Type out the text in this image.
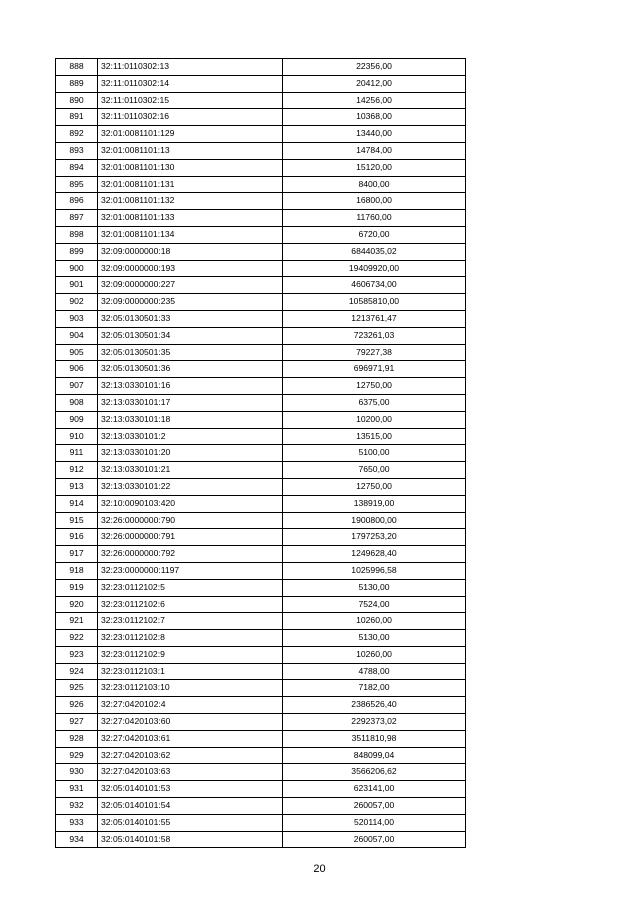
888	32:11:0110302:13	22356,00
889	32:11:0110302:14	20412,00
890	32:11:0110302:15	14256,00
891	32:11:0110302:16	10368,00
892	32:01:0081101:129	13440,00
893	32:01:0081101:13	14784,00
894	32:01:0081101:130	15120,00
895	32:01:0081101:131	8400,00
896	32:01:0081101:132	16800,00
897	32:01:0081101:133	11760,00
898	32:01:0081101:134	6720,00
899	32:09:0000000:18	6844035,02
900	32:09:0000000:193	19409920,00
901	32:09:0000000:227	4606734,00
902	32:09:0000000:235	10585810,00
903	32:05:0130501:33	1213761,47
904	32:05:0130501:34	723261,03
905	32:05:0130501:35	79227,38
906	32:05:0130501:36	696971,91
907	32:13:0330101:16	12750,00
908	32:13:0330101:17	6375,00
909	32:13:0330101:18	10200,00
910	32:13:0330101:2	13515,00
911	32:13:0330101:20	5100,00
912	32:13:0330101:21	7650,00
913	32:13:0330101:22	12750,00
914	32:10:0090103:420	138919,00
915	32:26:0000000:790	1900800,00
916	32:26:0000000:791	1797253,20
917	32:26:0000000:792	1249628,40
918	32:23:0000000:1197	1025996,58
919	32:23:0112102:5	5130,00
920	32:23:0112102:6	7524,00
921	32:23:0112102:7	10260,00
922	32:23:0112102:8	5130,00
923	32:23:0112102:9	10260,00
924	32:23:0112103:1	4788,00
925	32:23:0112103:10	7182,00
926	32:27:0420102:4	2386526,40
927	32:27:0420103:60	2292373,02
928	32:27:0420103:61	3511810,98
929	32:27:0420103:62	848099,04
930	32:27:0420103:63	3566206,62
931	32:05:0140101:53	623141,00
932	32:05:0140101:54	260057,00
933	32:05:0140101:55	520114,00
934	32:05:0140101:58	260057,00
20
